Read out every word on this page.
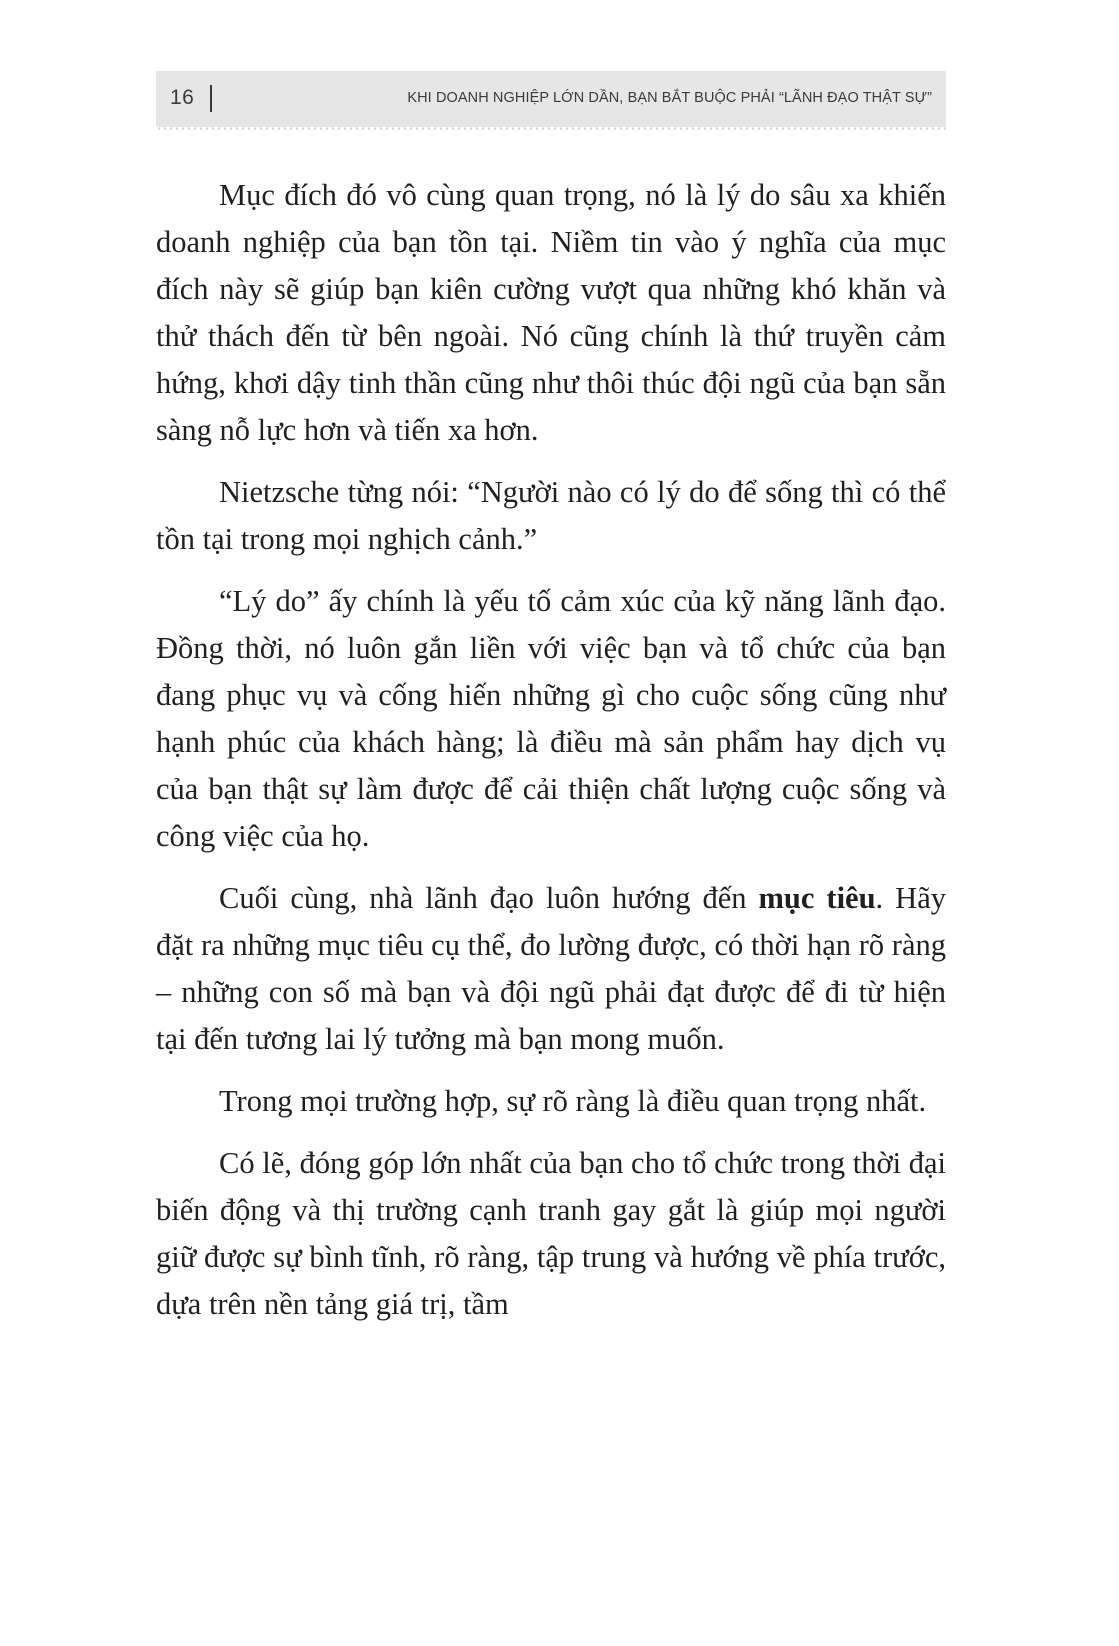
16	KHI DOANH NGHIỆP LỚN DẦN, BẠN BẮT BUỘC PHẢI “LÃNH ĐẠO THẬT SỰ”

Mục đích đó vô cùng quan trọng, nó là lý do sâu xa khiến doanh nghiệp của bạn tồn tại. Niềm tin vào ý nghĩa của mục đích này sẽ giúp bạn kiên cường vượt qua những khó khăn và thử thách đến từ bên ngoài. Nó cũng chính là thứ truyền cảm hứng, khơi dậy tinh thần cũng như thôi thúc đội ngũ của bạn sẵn sàng nỗ lực hơn và tiến xa hơn.

Nietzsche từng nói: “Người nào có lý do để sống thì có thể tồn tại trong mọi nghịch cảnh.”

“Lý do” ấy chính là yếu tố cảm xúc của kỹ năng lãnh đạo. Đồng thời, nó luôn gắn liền với việc bạn và tổ chức của bạn đang phục vụ và cống hiến những gì cho cuộc sống cũng như hạnh phúc của khách hàng; là điều mà sản phẩm hay dịch vụ của bạn thật sự làm được để cải thiện chất lượng cuộc sống và công việc của họ.

Cuối cùng, nhà lãnh đạo luôn hướng đến mục tiêu. Hãy đặt ra những mục tiêu cụ thể, đo lường được, có thời hạn rõ ràng – những con số mà bạn và đội ngũ phải đạt được để đi từ hiện tại đến tương lai lý tưởng mà bạn mong muốn.

Trong mọi trường hợp, sự rõ ràng là điều quan trọng nhất.

Có lẽ, đóng góp lớn nhất của bạn cho tổ chức trong thời đại biến động và thị trường cạnh tranh gay gắt là giúp mọi người giữ được sự bình tĩnh, rõ ràng, tập trung và hướng về phía trước, dựa trên nền tảng giá trị, tầm
